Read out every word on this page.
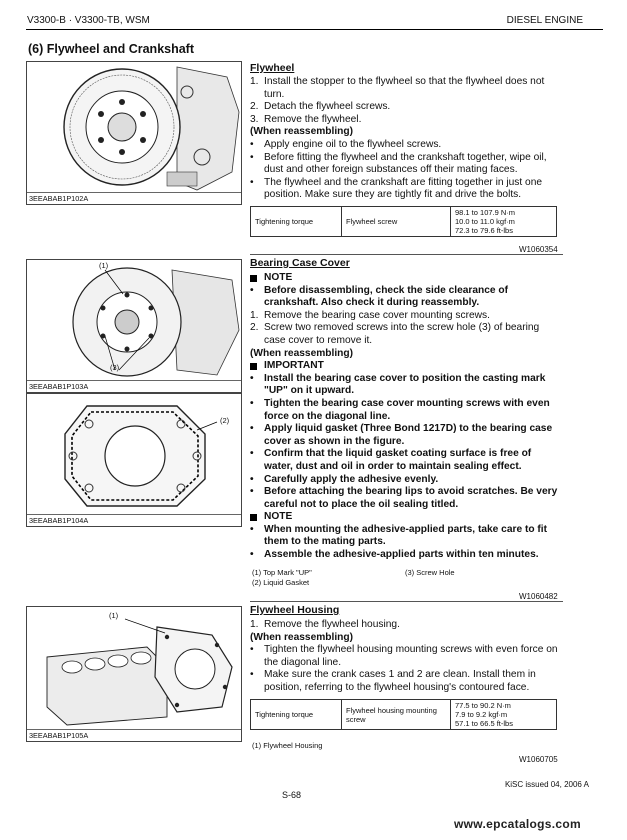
V3300-B · V3300-TB, WSM	DIESEL ENGINE
(6) Flywheel and Crankshaft
3EEABAB1P102A
Flywheel
1. Install the stopper to the flywheel so that the flywheel does not turn.
2. Detach the flywheel screws.
3. Remove the flywheel.
(When reassembling)
•	Apply engine oil to the flywheel screws.
•	Before fitting the flywheel and the crankshaft together, wipe oil, dust and other foreign substances off their mating faces.
•	The flywheel and the crankshaft are fitting together in just one position. Make sure they are tightly fit and drive the bolts.
Tightening torque	Flywheel screw	
98.1 to 107.9 N·m
10.0 to 11.0 kgf·m
72.3 to 79.6 ft-lbs
W1060354
(1)
(3)
3EEABAB1P103A
(2)
3EEABAB1P104A
Bearing Case Cover
NOTE
•	Before disassembling, check the side clearance of crankshaft. Also check it during reassembly.
1. Remove the bearing case cover mounting screws.
2. Screw two removed screws into the screw hole (3) of bearing case cover to remove it.
(When reassembling)
IMPORTANT
•	Install the bearing case cover to position the casting mark "UP" on it upward.
•	Tighten the bearing case cover mounting screws with even force on the diagonal line.
•	Apply liquid gasket (Three Bond 1217D) to the bearing case cover as shown in the figure.
•	Confirm that the liquid gasket coating surface is free of water, dust and oil in order to maintain sealing effect.
•	Carefully apply the adhesive evenly.
•	Before attaching the bearing lips to avoid scratches. Be very careful not to place the oil sealing titled.
NOTE
•	When mounting the adhesive-applied parts, take care to fit them to the mating parts.
•	Assemble the adhesive-applied parts within ten minutes.
(1) Top Mark "UP"	(3) Screw Hole
(2) Liquid Gasket
W1060482
(1)
3EEABAB1P105A
Flywheel Housing
1. Remove the flywheel housing.
(When reassembling)
•	Tighten the flywheel housing mounting screws with even force on the diagonal line.
•	Make sure the crank cases 1 and 2 are clean. Install them in position, referring to the flywheel housing's contoured face.
Tightening torque	Flywheel housing mounting screw	
77.5 to 90.2 N·m
7.9 to 9.2 kgf·m
57.1 to 66.5 ft-lbs
(1) Flywheel Housing
W1060705
KiSC issued 04, 2006 A
S-68
www.epcatalogs.com
